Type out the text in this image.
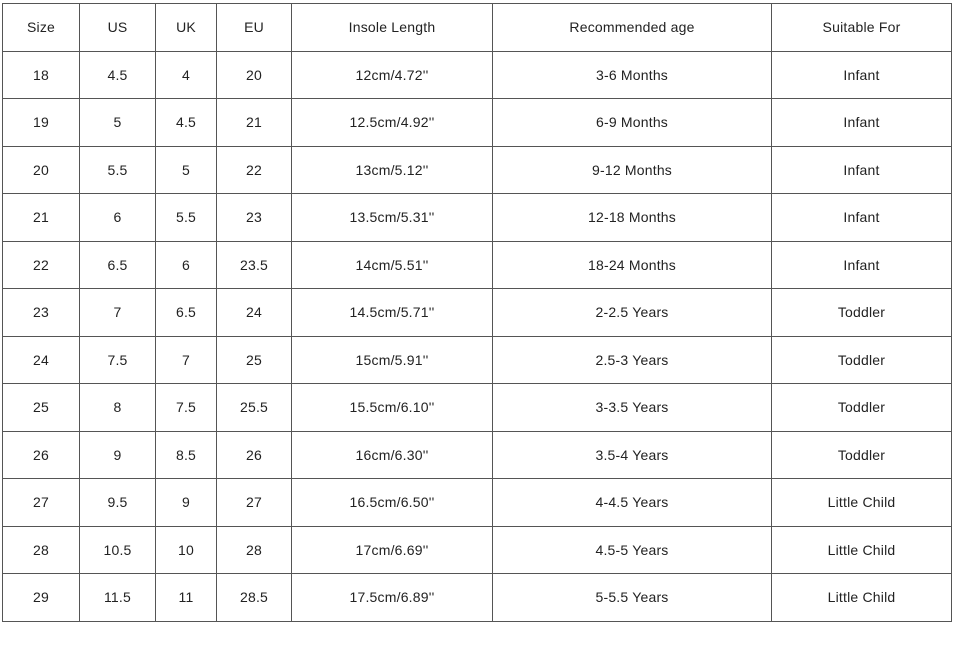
Size	US	UK	EU	Insole Length	Recommended age	Suitable For
18	4.5	4	20	12cm/4.72''	3-6 Months	Infant
19	5	4.5	21	12.5cm/4.92''	6-9 Months	Infant
20	5.5	5	22	13cm/5.12''	9-12 Months	Infant
21	6	5.5	23	13.5cm/5.31''	12-18 Months	Infant
22	6.5	6	23.5	14cm/5.51''	18-24 Months	Infant
23	7	6.5	24	14.5cm/5.71''	2-2.5 Years	Toddler
24	7.5	7	25	15cm/5.91''	2.5-3 Years	Toddler
25	8	7.5	25.5	15.5cm/6.10''	3-3.5 Years	Toddler
26	9	8.5	26	16cm/6.30''	3.5-4 Years	Toddler
27	9.5	9	27	16.5cm/6.50''	4-4.5 Years	Little Child
28	10.5	10	28	17cm/6.69''	4.5-5 Years	Little Child
29	11.5	11	28.5	17.5cm/6.89''	5-5.5 Years	Little Child
